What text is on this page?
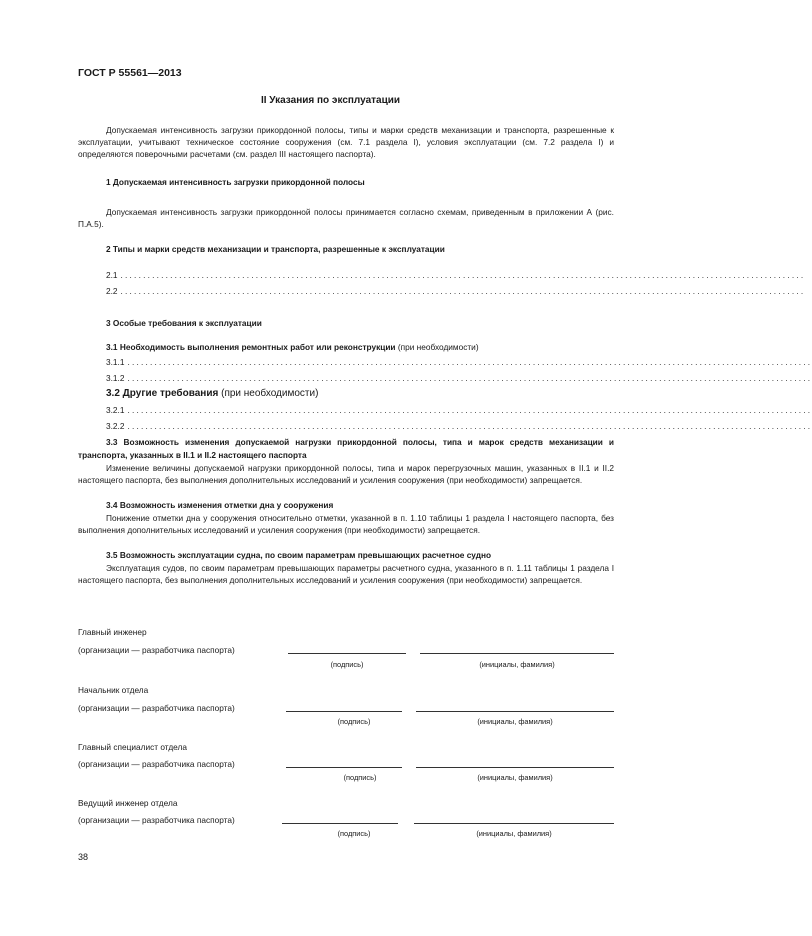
ГОСТ Р 55561—2013
II Указания по эксплуатации
Допускаемая интенсивность загрузки прикордонной полосы, типы и марки средств механизации и транспорта, разрешенные к эксплуатации, учитывают техническое состояние сооружения (см. 7.1 раздела I), условия эксплуатации (см. 7.2 раздела I) и определяются поверочными расчетами (см. раздел III настоящего паспорта).
1 Допускаемая интенсивность загрузки прикордонной полосы
Допускаемая интенсивность загрузки прикордонной полосы принимается согласно схемам, приведенным в приложении А (рис. П.А.5).
2 Типы и марки средств механизации и транспорта, разрешенные к эксплуатации
2.1 ........................................................................................................................................................
2.2 ........................................................................................................................................................
3 Особые требования к эксплуатации
3.1 Необходимость выполнения ремонтных работ или реконструкции (при необходимости)
3.1.1 ........................................................................................................................................................
3.1.2 ........................................................................................................................................................
3.2 Другие требования (при необходимости)
3.2.1 ........................................................................................................................................................
3.2.2 ........................................................................................................................................................
3.3 Возможность изменения допускаемой нагрузки прикордонной полосы, типа и марок средств механизации и транспорта, указанных в II.1 и II.2 настоящего паспорта
Изменение величины допускаемой нагрузки прикордонной полосы, типа и марок перегрузочных машин, указанных в II.1 и II.2 настоящего паспорта, без выполнения дополнительных исследований и усиления сооружения (при необходимости) запрещается.
3.4 Возможность изменения отметки дна у сооружения
Понижение отметки дна у сооружения относительно отметки, указанной в п. 1.10 таблицы 1 раздела I настоящего паспорта, без выполнения дополнительных исследований и усиления сооружения (при необходимости) запрещается.
3.5 Возможность эксплуатации судна, по своим параметрам превышающих расчетное судно
Эксплуатация судов, по своим параметрам превышающих параметры расчетного судна, указанного в п. 1.11 таблицы 1 раздела I настоящего паспорта, без выполнения дополнительных исследований и усиления сооружения (при необходимости) запрещается.
Главный инженер
(организации — разработчика паспорта)
(подпись)	(инициалы, фамилия)
Начальник отдела
(организации — разработчика паспорта)
(подпись)	(инициалы, фамилия)
Главный специалист отдела
(организации — разработчика паспорта)
(подпись)	(инициалы, фамилия)
Ведущий инженер отдела
(организации — разработчика паспорта)
(подпись)	(инициалы, фамилия)
38
